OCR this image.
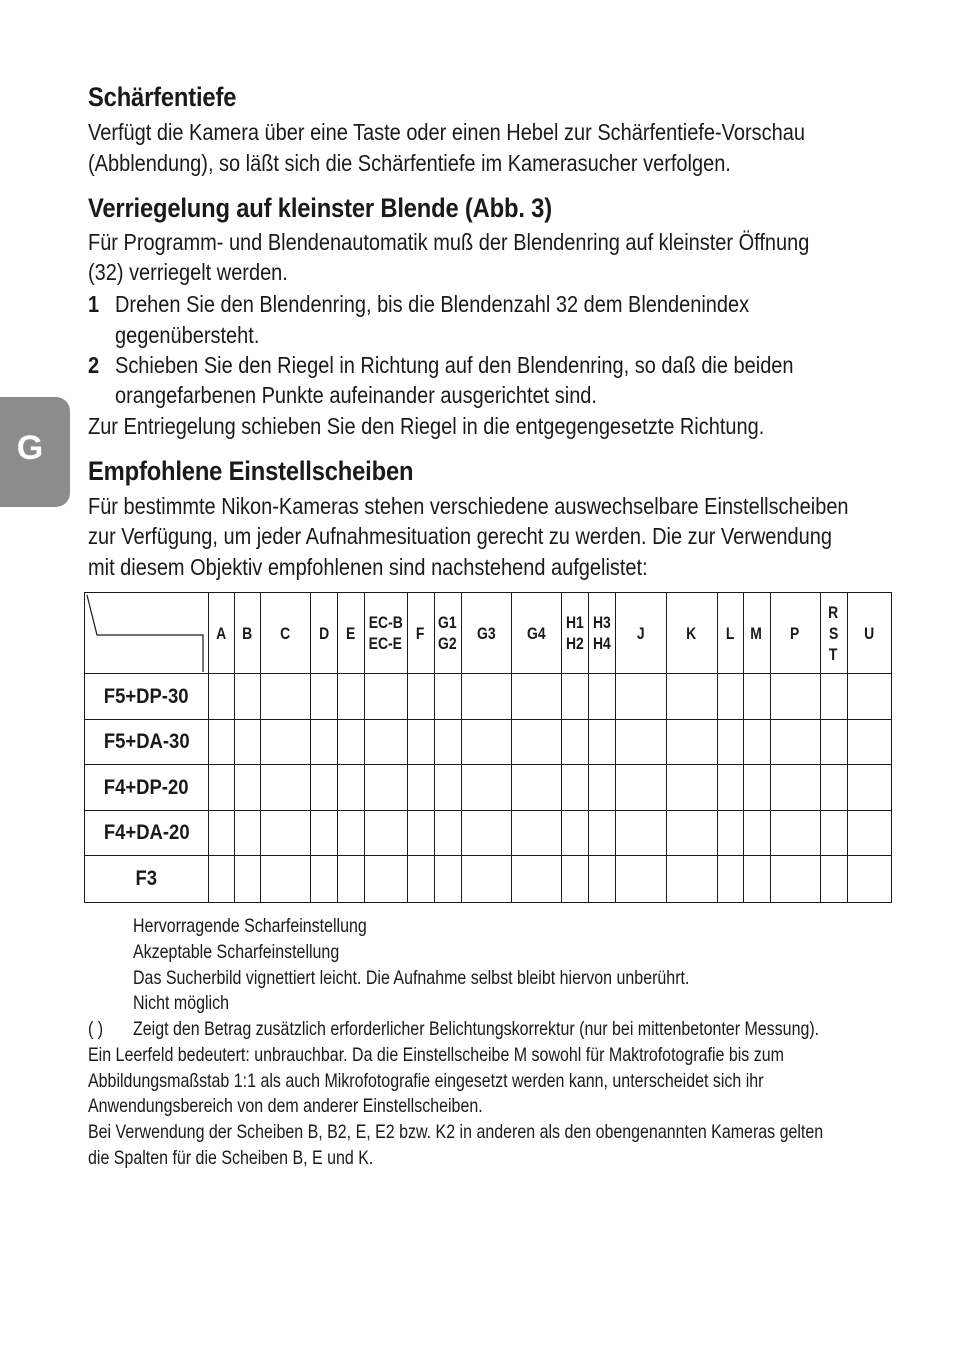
G
Schärfentiefe
Verfügt die Kamera über eine Taste oder einen Hebel zur Schärfentiefe-Vorschau
(Abblendung), so läßt sich die Schärfentiefe im Kamerasucher verfolgen.
Verriegelung auf kleinster Blende (Abb. 3)
Für Programm- und Blendenautomatik muß der Blendenring auf kleinster Öffnung
(32) verriegelt werden.
1 Drehen Sie den Blendenring, bis die Blendenzahl 32 dem Blendenindex
gegenübersteht.
2 Schieben Sie den Riegel in Richtung auf den Blendenring, so daß die beiden
orangefarbenen Punkte aufeinander ausgerichtet sind.
Zur Entriegelung schieben Sie den Riegel in die entgegengesetzte Richtung.
Empfohlene Einstellscheiben
Für bestimmte Nikon-Kameras stehen verschiedene auswechselbare Einstellscheiben
zur Verfügung, um jeder Aufnahmesituation gerecht zu werden. Die zur Verwendung
mit diesem Objektiv empfohlenen sind nachstehend aufgelistet:
	A	B	C	D	E	EC-B
EC-E	F	G1
G2	G3	G4	H1
H2	H3
H4	J	K	L	M	P	R
S
T	U
F5+DP-30																			
F5+DA-30																			
F4+DP-20																			
F4+DA-20																			
F3																			
Hervorragende Scharfeinstellung
Akzeptable Scharfeinstellung
Das Sucherbild vignettiert leicht. Die Aufnahme selbst bleibt hiervon unberührt.
Nicht möglich
( ) Zeigt den Betrag zusätzlich erforderlicher Belichtungskorrektur (nur bei mittenbetonter Messung).
Ein Leerfeld bedeutert: unbrauchbar. Da die Einstellscheibe M sowohl für Maktrofotografie bis zum
Abbildungsmaßstab 1:1 als auch Mikrofotografie eingesetzt werden kann, unterscheidet sich ihr
Anwendungsbereich von dem anderer Einstellscheiben.
Bei Verwendung der Scheiben B, B2, E, E2 bzw. K2 in anderen als den obengenannten Kameras gelten
die Spalten für die Scheiben B, E und K.
